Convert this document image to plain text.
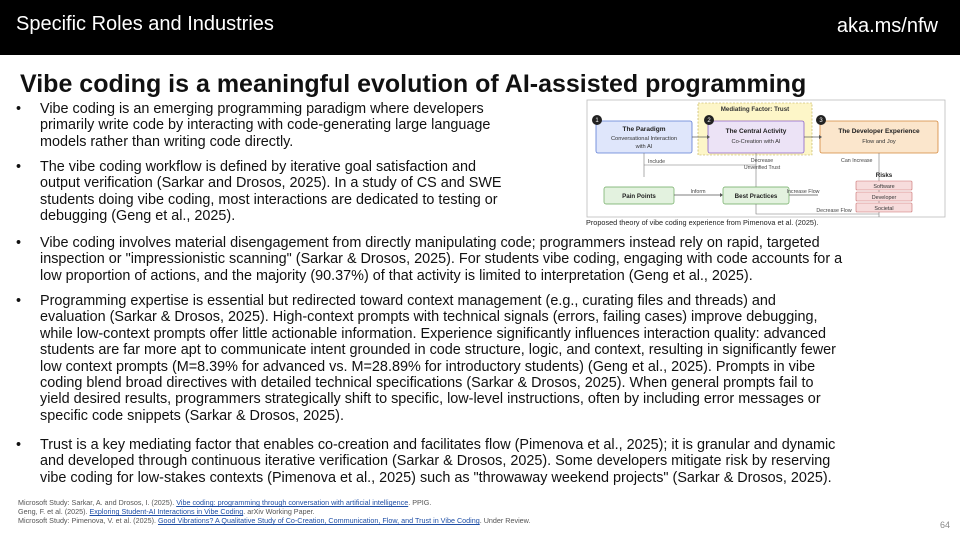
Specific Roles and Industries	aka.ms/nfw
Vibe coding is a meaningful evolution of AI-assisted programming
• Vibe coding is an emerging programming paradigm where developers
primarily write code by interacting with code-generating large language
models rather than writing code directly.
• The vibe coding workflow is defined by iterative goal satisfaction and
output verification (Sarkar and Drosos, 2025). In a study of CS and SWE
students doing vibe coding, most interactions are dedicated to testing or
debugging (Geng et al., 2025).
• Vibe coding involves material disengagement from directly manipulating code; programmers instead rely on rapid, targeted
inspection or "impressionistic scanning" (Sarkar & Drosos, 2025). For students vibe coding, engaging with code accounts for a
low proportion of actions, and the majority (90.37%) of that activity is limited to interpretation (Geng et al., 2025).
• Programming expertise is essential but redirected toward context management (e.g., curating files and threads) and
evaluation (Sarkar & Drosos, 2025). High-context prompts with technical signals (errors, failing cases) improve debugging,
while low-context prompts offer little actionable information. Experience significantly influences interaction quality: advanced
students are far more apt to communicate intent grounded in code structure, logic, and context, resulting in significantly fewer
low context prompts (M=8.39% for advanced vs. M=28.89% for introductory students) (Geng et al., 2025). Prompts in vibe
coding blend broad directives with detailed technical specifications (Sarkar & Drosos, 2025). When general prompts fail to
yield desired results, programmers strategically shift to specific, low-level instructions, often by including error messages or
specific code snippets (Sarkar & Drosos, 2025).
• Trust is a key mediating factor that enables co-creation and facilitates flow (Pimenova et al., 2025); it is granular and dynamic
and developed through continuous iterative verification (Sarkar & Drosos, 2025). Some developers mitigate risk by reserving
vibe coding for low-stakes contexts (Pimenova et al., 2025) such as "throwaway weekend projects" (Sarkar & Drosos, 2025).
Mediating Factor: Trust
1
The Paradigm
Conversational Interaction
with AI
2
The Central Activity
Co-Creation with AI
3
The Developer Experience
Flow and Joy
Include	Decrease
Unverified Trust
Can Increase
Pain Points
Inform
Best Practices
Increase Flow
Decrease Flow
Risks
Software
Developer
Societal
Proposed theory of vibe coding experience from Pimenova et al. (2025).
Microsoft Study: Sarkar, A. and Drosos, I. (2025). Vibe coding: programming through conversation with artificial intelligence. PPIG.
Geng, F. et al. (2025). Exploring Student-AI Interactions in Vibe Coding. arXiv Working Paper.
Microsoft Study: Pimenova, V. et al. (2025). Good Vibrations? A Qualitative Study of Co-Creation, Communication, Flow, and Trust in Vibe Coding. Under Review.	64
